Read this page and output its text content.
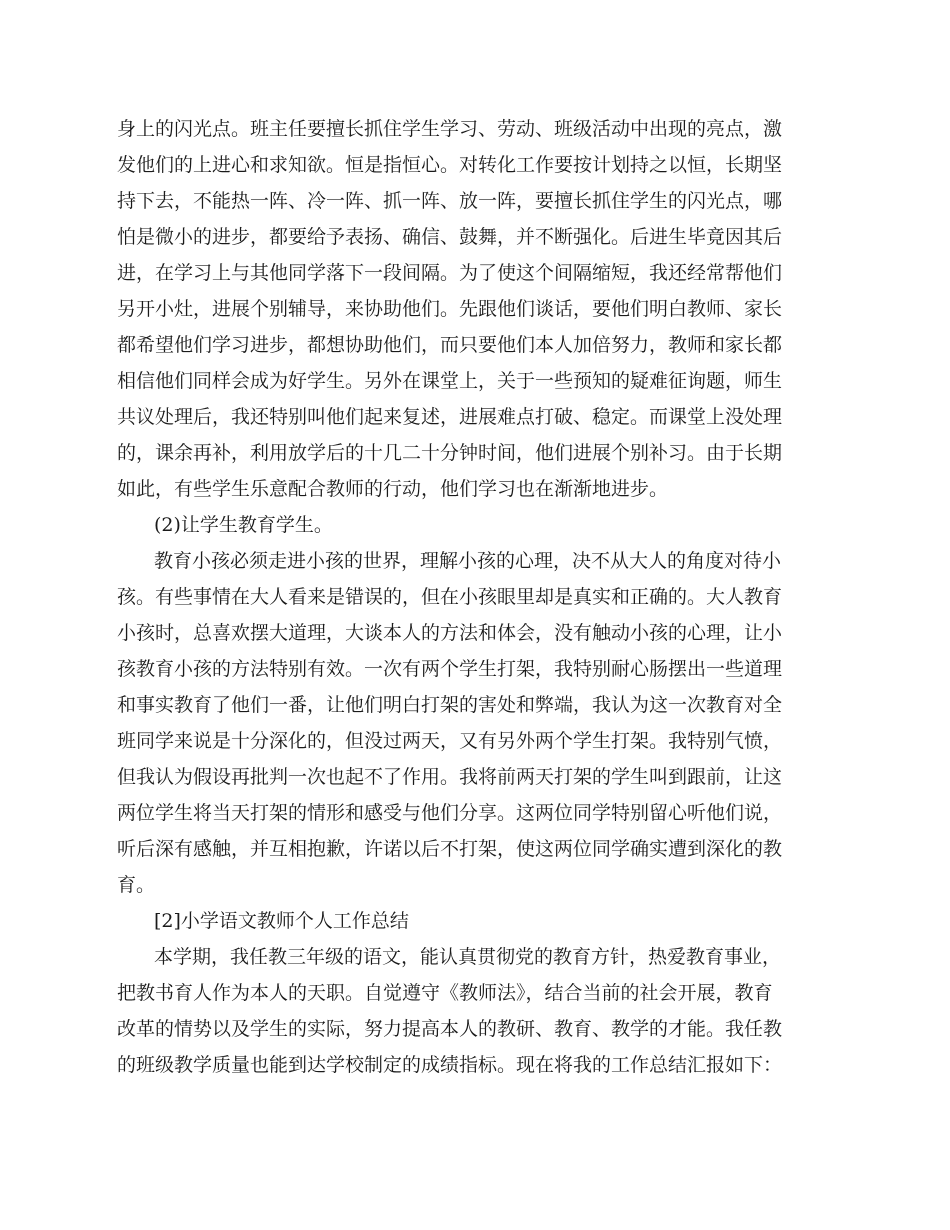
身上的闪光点。班主任要擅长抓住学生学习、劳动、班级活动中出现的亮点，激
发他们的上进心和求知欲。恒是指恒心。对转化工作要按计划持之以恒，长期坚
持下去，不能热一阵、冷一阵、抓一阵、放一阵，要擅长抓住学生的闪光点，哪
怕是微小的进步，都要给予表扬、确信、鼓舞，并不断强化。后进生毕竟因其后
进，在学习上与其他同学落下一段间隔。为了使这个间隔缩短，我还经常帮他们
另开小灶，进展个别辅导，来协助他们。先跟他们谈话，要他们明白教师、家长
都希望他们学习进步，都想协助他们，而只要他们本人加倍努力，教师和家长都
相信他们同样会成为好学生。另外在课堂上，关于一些预知的疑难征询题，师生
共议处理后，我还特别叫他们起来复述，进展难点打破、稳定。而课堂上没处理
的，课余再补，利用放学后的十几二十分钟时间，他们进展个别补习。由于长期
如此，有些学生乐意配合教师的行动，他们学习也在渐渐地进步。
(2)让学生教育学生。
教育小孩必须走进小孩的世界，理解小孩的心理，决不从大人的角度对待小
孩。有些事情在大人看来是错误的，但在小孩眼里却是真实和正确的。大人教育
小孩时，总喜欢摆大道理，大谈本人的方法和体会，没有触动小孩的心理，让小
孩教育小孩的方法特别有效。一次有两个学生打架，我特别耐心肠摆出一些道理
和事实教育了他们一番，让他们明白打架的害处和弊端，我认为这一次教育对全
班同学来说是十分深化的，但没过两天，又有另外两个学生打架。我特别气愤，
但我认为假设再批判一次也起不了作用。我将前两天打架的学生叫到跟前，让这
两位学生将当天打架的情形和感受与他们分享。这两位同学特别留心听他们说，
听后深有感触，并互相抱歉，许诺以后不打架，使这两位同学确实遭到深化的教
育。
[2]小学语文教师个人工作总结
本学期，我任教三年级的语文，能认真贯彻党的教育方针，热爱教育事业，
把教书育人作为本人的天职。自觉遵守《教师法》，结合当前的社会开展，教育
改革的情势以及学生的实际，努力提高本人的教研、教育、教学的才能。我任教
的班级教学质量也能到达学校制定的成绩指标。现在将我的工作总结汇报如下：
